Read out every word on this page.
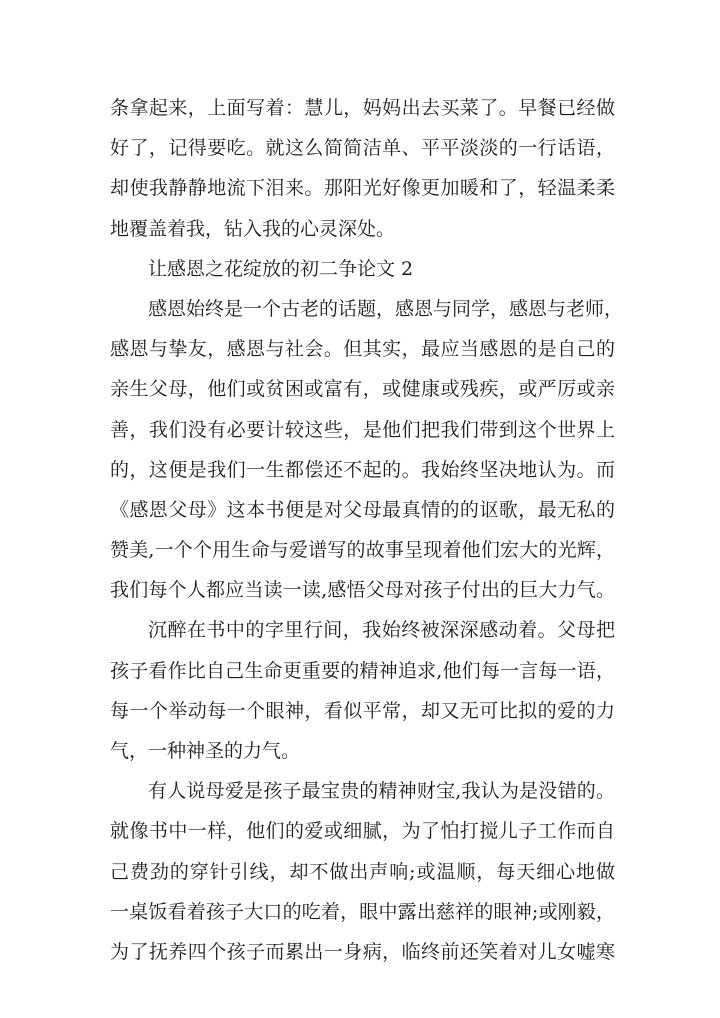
条拿起来，上面写着：慧儿，妈妈出去买菜了。早餐已经做
好了，记得要吃。就这么简简洁单、平平淡淡的一行话语，
却使我静静地流下泪来。那阳光好像更加暖和了，轻温柔柔
地覆盖着我，钻入我的心灵深处。
让感恩之花绽放的初二争论文 2
感恩始终是一个古老的话题，感恩与同学，感恩与老师，
感恩与挚友，感恩与社会。但其实，最应当感恩的是自己的
亲生父母，他们或贫困或富有，或健康或残疾，或严厉或亲
善，我们没有必要计较这些，是他们把我们带到这个世界上
的，这便是我们一生都偿还不起的。我始终坚决地认为。而
《感恩父母》这本书便是对父母最真情的的讴歌，最无私的
赞美,一个个用生命与爱谱写的故事呈现着他们宏大的光辉，
我们每个人都应当读一读,感悟父母对孩子付出的巨大力气。
沉醉在书中的字里行间，我始终被深深感动着。父母把
孩子看作比自己生命更重要的精神追求,他们每一言每一语，
每一个举动每一个眼神，看似平常，却又无可比拟的爱的力
气，一种神圣的力气。
有人说母爱是孩子最宝贵的精神财宝,我认为是没错的。
就像书中一样，他们的爱或细腻，为了怕打搅儿子工作而自
己费劲的穿针引线，却不做出声响;或温顺，每天细心地做
一桌饭看着孩子大口的吃着，眼中露出慈祥的眼神;或刚毅，
为了抚养四个孩子而累出一身病，临终前还笑着对儿女嘘寒
